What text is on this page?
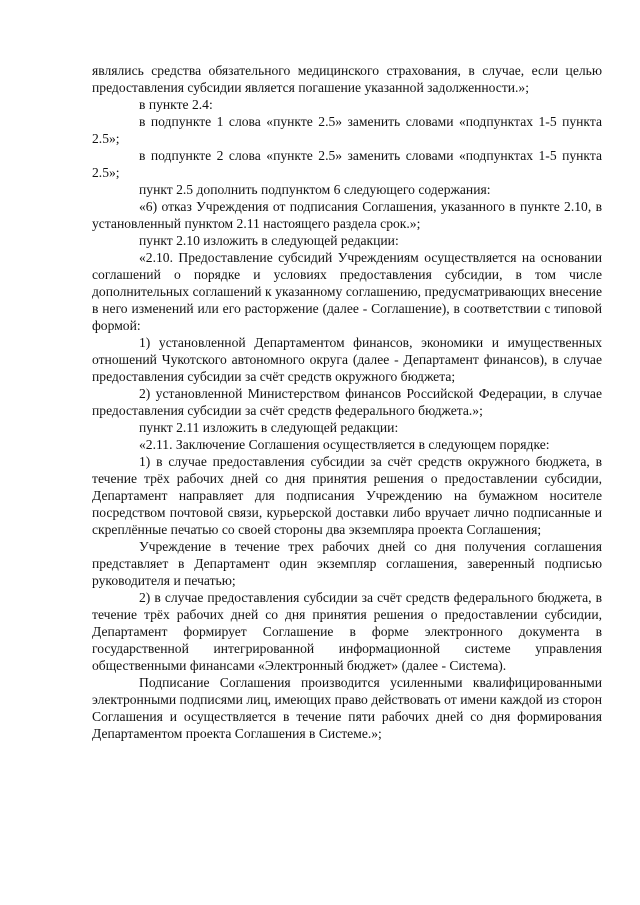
являлись средства обязательного медицинского страхования, в случае, если целью предоставления субсидии является погашение указанной задолженности.»;

в пункте 2.4:

в подпункте 1 слова «пункте 2.5» заменить словами «подпунктах 1-5 пункта 2.5»;

в подпункте 2 слова «пункте 2.5» заменить словами «подпунктах 1-5 пункта 2.5»;

пункт 2.5 дополнить подпунктом 6 следующего содержания:

«6) отказ Учреждения от подписания Соглашения, указанного в пункте 2.10, в установленный пунктом 2.11 настоящего раздела срок.»;

пункт 2.10 изложить в следующей редакции:

«2.10. Предоставление субсидий Учреждениям осуществляется на основании соглашений о порядке и условиях предоставления субсидии, в том числе дополнительных соглашений к указанному соглашению, предусматривающих внесение в него изменений или его расторжение (далее - Соглашение), в соответствии с типовой формой:

1) установленной Департаментом финансов, экономики и имущественных отношений Чукотского автономного округа (далее - Департамент финансов), в случае предоставления субсидии за счёт средств окружного бюджета;

2) установленной Министерством финансов Российской Федерации, в случае предоставления субсидии за счёт средств федерального бюджета.»;

пункт 2.11 изложить в следующей редакции:

«2.11. Заключение Соглашения осуществляется в следующем порядке:

1) в случае предоставления субсидии за счёт средств окружного бюджета, в течение трёх рабочих дней со дня принятия решения о предоставлении субсидии, Департамент направляет для подписания Учреждению на бумажном носителе посредством почтовой связи, курьерской доставки либо вручает лично подписанные и скреплённые печатью со своей стороны два экземпляра проекта Соглашения;

Учреждение в течение трех рабочих дней со дня получения соглашения представляет в Департамент один экземпляр соглашения, заверенный подписью руководителя и печатью;

2) в случае предоставления субсидии за счёт средств федерального бюджета, в течение трёх рабочих дней со дня принятия решения о предоставлении субсидии, Департамент формирует Соглашение в форме электронного документа в государственной интегрированной информационной системе управления общественными финансами «Электронный бюджет» (далее - Система).

Подписание Соглашения производится усиленными квалифицированными электронными подписями лиц, имеющих право действовать от имени каждой из сторон Соглашения и осуществляется в течение пяти рабочих дней со дня формирования Департаментом проекта Соглашения в Системе.»;
